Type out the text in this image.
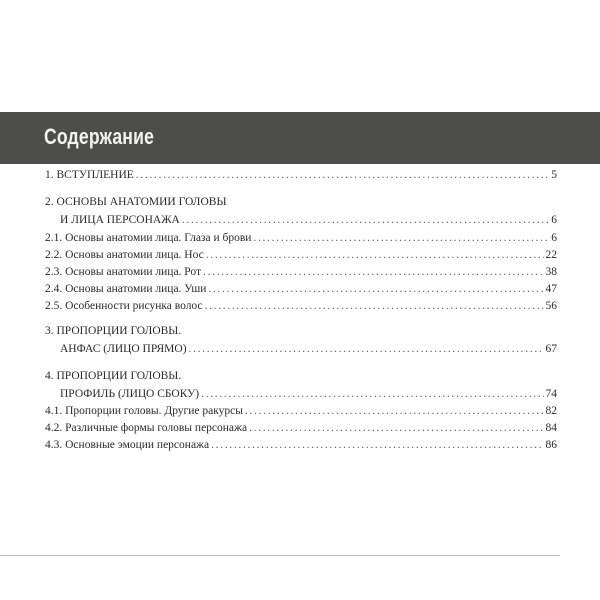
Содержание
1. ВСТУПЛЕНИЕ . . .	5
2. ОСНОВЫ АНАТОМИИ ГОЛОВЫ
И ЛИЦА ПЕРСОНАЖА . . .	6
2.1. Основы анатомии лица. Глаза и брови . . .	6
2.2. Основы анатомии лица. Нос . . .	22
2.3. Основы анатомии лица. Рот . . .	38
2.4. Основы анатомии лица. Уши . . .	47
2.5. Особенности рисунка волос . . .	56
3. ПРОПОРЦИИ ГОЛОВЫ.
АНФАС (ЛИЦО ПРЯМО) . . .	67
4. ПРОПОРЦИИ ГОЛОВЫ.
ПРОФИЛЬ (ЛИЦО СБОКУ) . . .	74
4.1. Пропорции головы. Другие ракурсы . . .	82
4.2. Различные формы головы персонажа . . .	84
4.3. Основные эмоции персонажа . . .	86
